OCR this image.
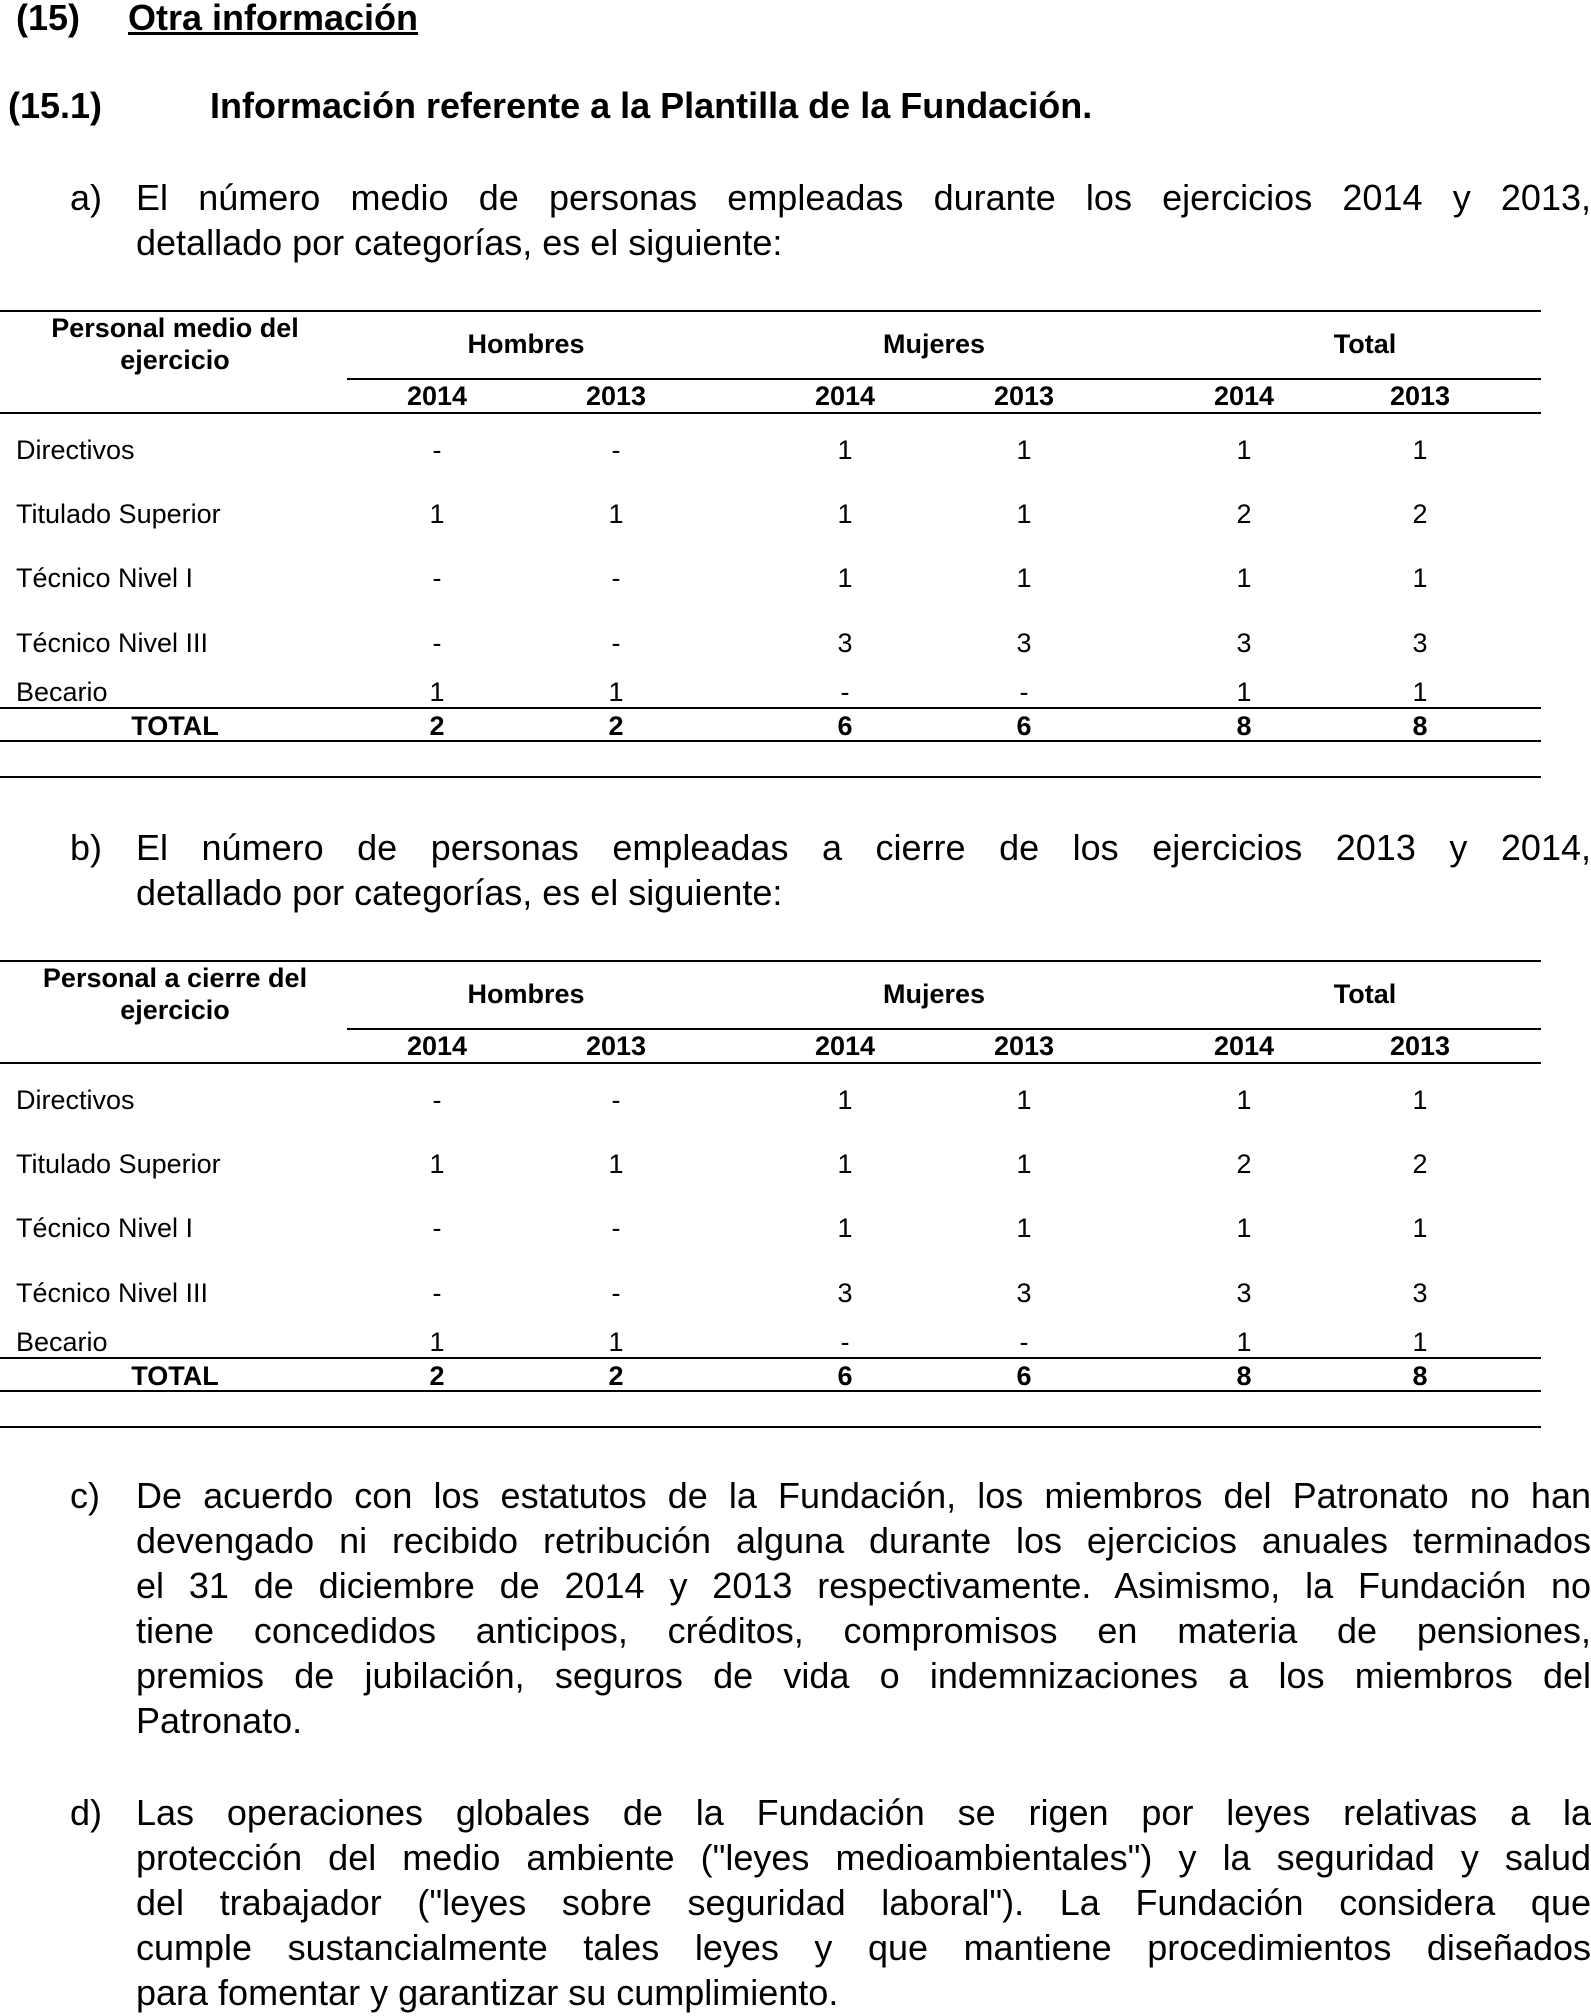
(15) Otra información
(15.1)	Información referente a la Plantilla de la Fundación.
a) El número medio de personas empleadas durante los ejercicios 2014 y 2013,
detallado por categorías, es el siguiente:
Personal medio del
ejercicio
Hombres	Mujeres	Total
2014	2013	2014	2013	2014	2013
Directivos	-	-	1	1	1	1
Titulado Superior	1	1	1	1	2	2
Técnico Nivel I	-	-	1	1	1	1
Técnico Nivel III	-	-	3	3	3	3
Becario	1	1	-	-	1	1
TOTAL	2	2	6	6	8	8
b) El número de personas empleadas a cierre de los ejercicios 2013 y 2014,
detallado por categorías, es el siguiente:
Personal a cierre del
ejercicio
Hombres	Mujeres	Total
2014	2013	2014	2013	2014	2013
Directivos	-	-	1	1	1	1
Titulado Superior	1	1	1	1	2	2
Técnico Nivel I	-	-	1	1	1	1
Técnico Nivel III	-	-	3	3	3	3
Becario	1	1	-	-	1	1
TOTAL	2	2	6	6	8	8
c) De acuerdo con los estatutos de la Fundación, los miembros del Patronato no han
devengado ni recibido retribución alguna durante los ejercicios anuales terminados
el 31 de diciembre de 2014 y 2013 respectivamente. Asimismo, la Fundación no
tiene concedidos anticipos, créditos, compromisos en materia de pensiones,
premios de jubilación, seguros de vida o indemnizaciones a los miembros del
Patronato.
d) Las operaciones globales de la Fundación se rigen por leyes relativas a la
protección del medio ambiente ("leyes medioambientales") y la seguridad y salud
del trabajador ("leyes sobre seguridad laboral"). La Fundación considera que
cumple sustancialmente tales leyes y que mantiene procedimientos diseñados
para fomentar y garantizar su cumplimiento.
